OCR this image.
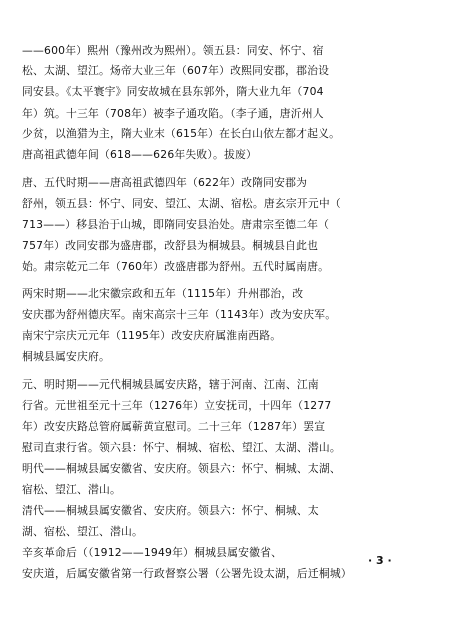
——600年）熙州（豫州改为熙州）。领五县：同安、怀宁、宿
松、太湖、望江。炀帝大业三年（607年）改熙同安郡，郡治设
同安县。《太平寰宇》同安故城在县东郭外，隋大业九年（704
年）筑。十三年（708年）被李子通攻陷。（李子通，唐沂州人
少贫，以渔猎为主，隋大业末（615年）在长白山依左都才起义。
唐高祖武德年间（618——626年失败）。拔废）
唐、五代时期——唐高祖武德四年（622年）改隋同安郡为
舒州，领五县：怀宁、同安、望江、太湖、宿松。唐玄宗开元中（
713——）移县治于山城，即隋同安县治处。唐肃宗至德二年（
757年）改同安郡为盛唐郡，改舒县为桐城县。桐城县自此也
始。肃宗乾元二年（760年）改盛唐郡为舒州。五代时属南唐。
两宋时期——北宋徽宗政和五年（1115年）升州郡治，改
安庆郡为舒州德庆军。南宋高宗十三年（1143年）改为安庆军。
南宋宁宗庆元元年（1195年）改安庆府属淮南西路。
桐城县属安庆府。
元、明时期——元代桐城县属安庆路，辖于河南、江南、江南
行省。元世祖至元十三年（1276年）立安抚司，十四年（1277
年）改安庆路总管府属蕲黄宣慰司。二十三年（1287年）罢宣
慰司直隶行省。领六县：怀宁、桐城、宿松、望江、太湖、潜山。
明代——桐城县属安徽省、安庆府。领县六：怀宁、桐城、太湖、
宿松、望江、潜山。
清代——桐城县属安徽省、安庆府。领县六：怀宁、桐城、太
湖、宿松、望江、潜山。
辛亥革命后（（1912——1949年）桐城县属安徽省、
安庆道，后属安徽省第一行政督察公署（公署先设太湖，后迁桐城）
· 3 ·
